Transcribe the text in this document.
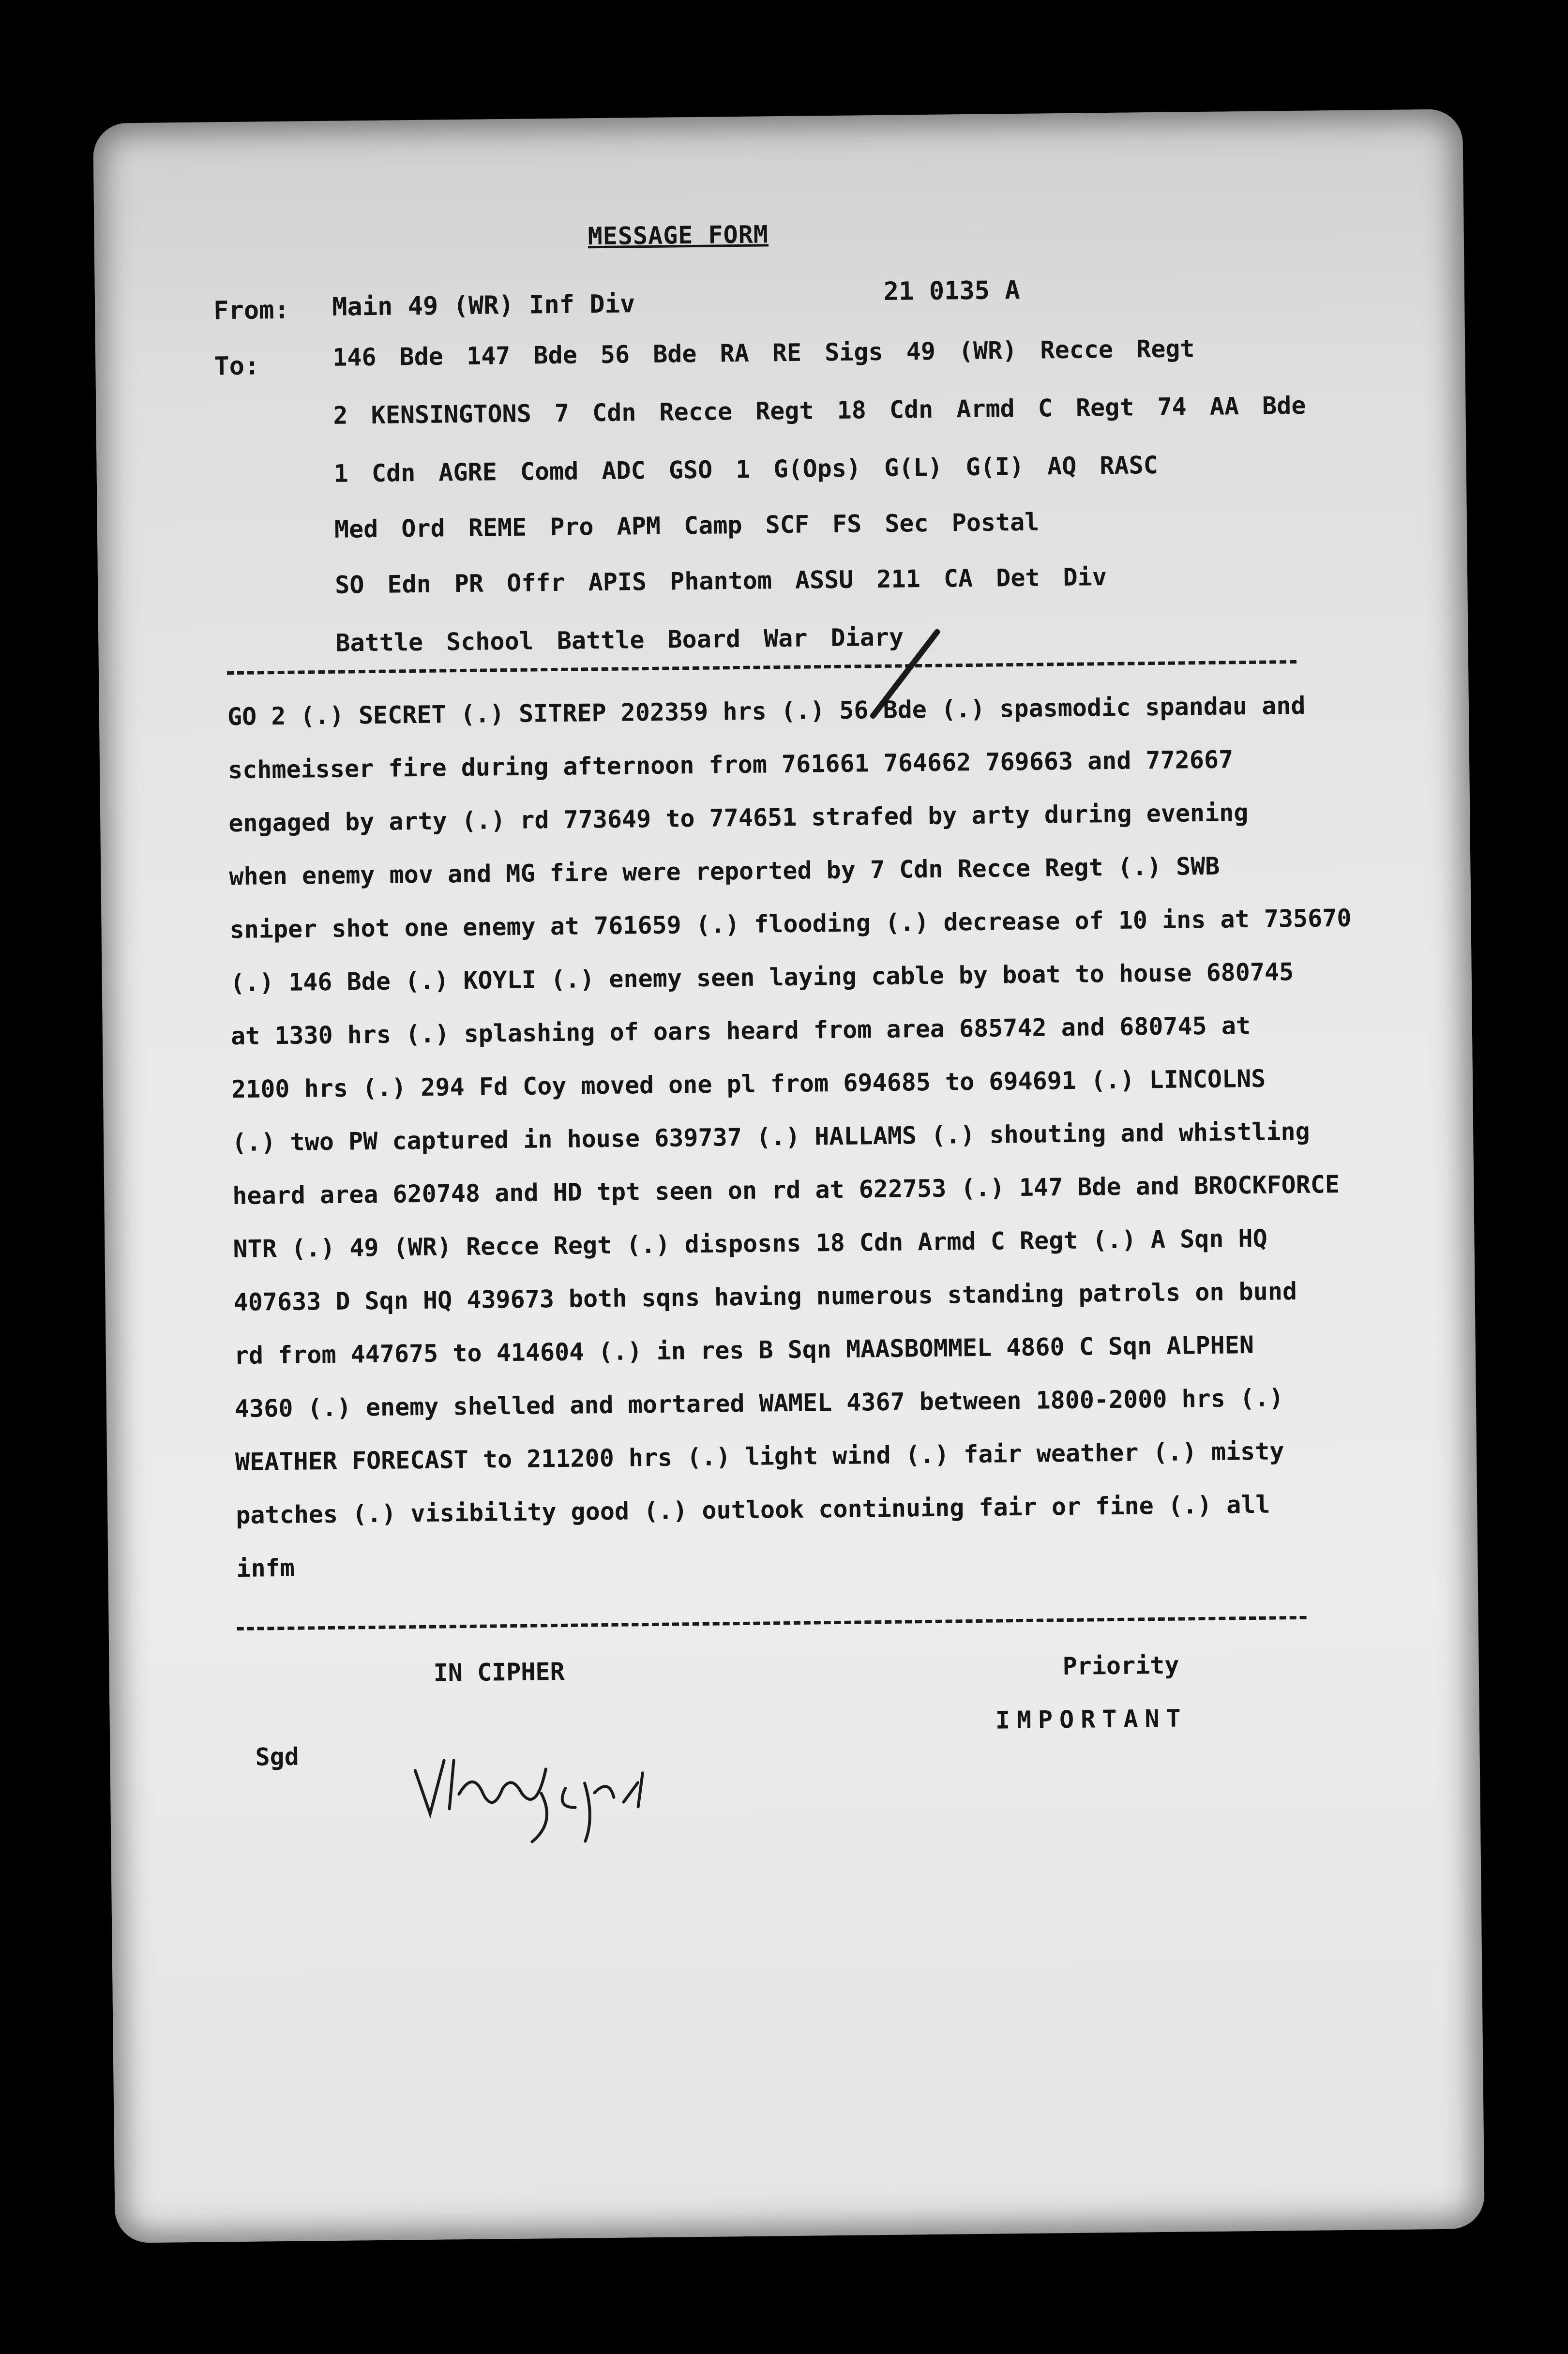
MESSAGE FORM
From: Main 49 (WR) Inf Div	21 0135 A
To:	146 Bde 147 Bde 56 Bde RA RE Sigs 49 (WR) Recce Regt
2 KENSINGTONS 7 Cdn Recce Regt 18 Cdn Armd C Regt 74 AA Bde
1 Cdn AGRE Comd ADC GSO 1 G(Ops) G(L) G(I) AQ RASC
Med Ord REME Pro APM Camp SCF FS Sec Postal
SO Edn PR Offr APIS Phantom ASSU 211 CA Det Div
Battle School Battle Board War Diary
GO 2 (.) SECRET (.) SITREP 202359 hrs (.) 56 Bde (.) spasmodic spandau and
schmeisser fire during afternoon from 761661 764662 769663 and 772667
engaged by arty (.) rd 773649 to 774651 strafed by arty during evening
when enemy mov and MG fire were reported by 7 Cdn Recce Regt (.) SWB
sniper shot one enemy at 761659 (.) flooding (.) decrease of 10 ins at 735670
(.) 146 Bde (.) KOYLI (.) enemy seen laying cable by boat to house 680745
at 1330 hrs (.) splashing of oars heard from area 685742 and 680745 at
2100 hrs (.) 294 Fd Coy moved one pl from 694685 to 694691 (.) LINCOLNS
(.) two PW captured in house 639737 (.) HALLAMS (.) shouting and whistling
heard area 620748 and HD tpt seen on rd at 622753 (.) 147 Bde and BROCKFORCE
NTR (.) 49 (WR) Recce Regt (.) disposns 18 Cdn Armd C Regt (.) A Sqn HQ
407633 D Sqn HQ 439673 both sqns having numerous standing patrols on bund
rd from 447675 to 414604 (.) in res B Sqn MAASBOMMEL 4860 C Sqn ALPHEN
4360 (.) enemy shelled and mortared WAMEL 4367 between 1800-2000 hrs (.)
WEATHER FORECAST to 211200 hrs (.) light wind (.) fair weather (.) misty
patches (.) visibility good (.) outlook continuing fair or fine (.) all
infm
IN CIPHER
Sgd
Priority
IMPORTANT
